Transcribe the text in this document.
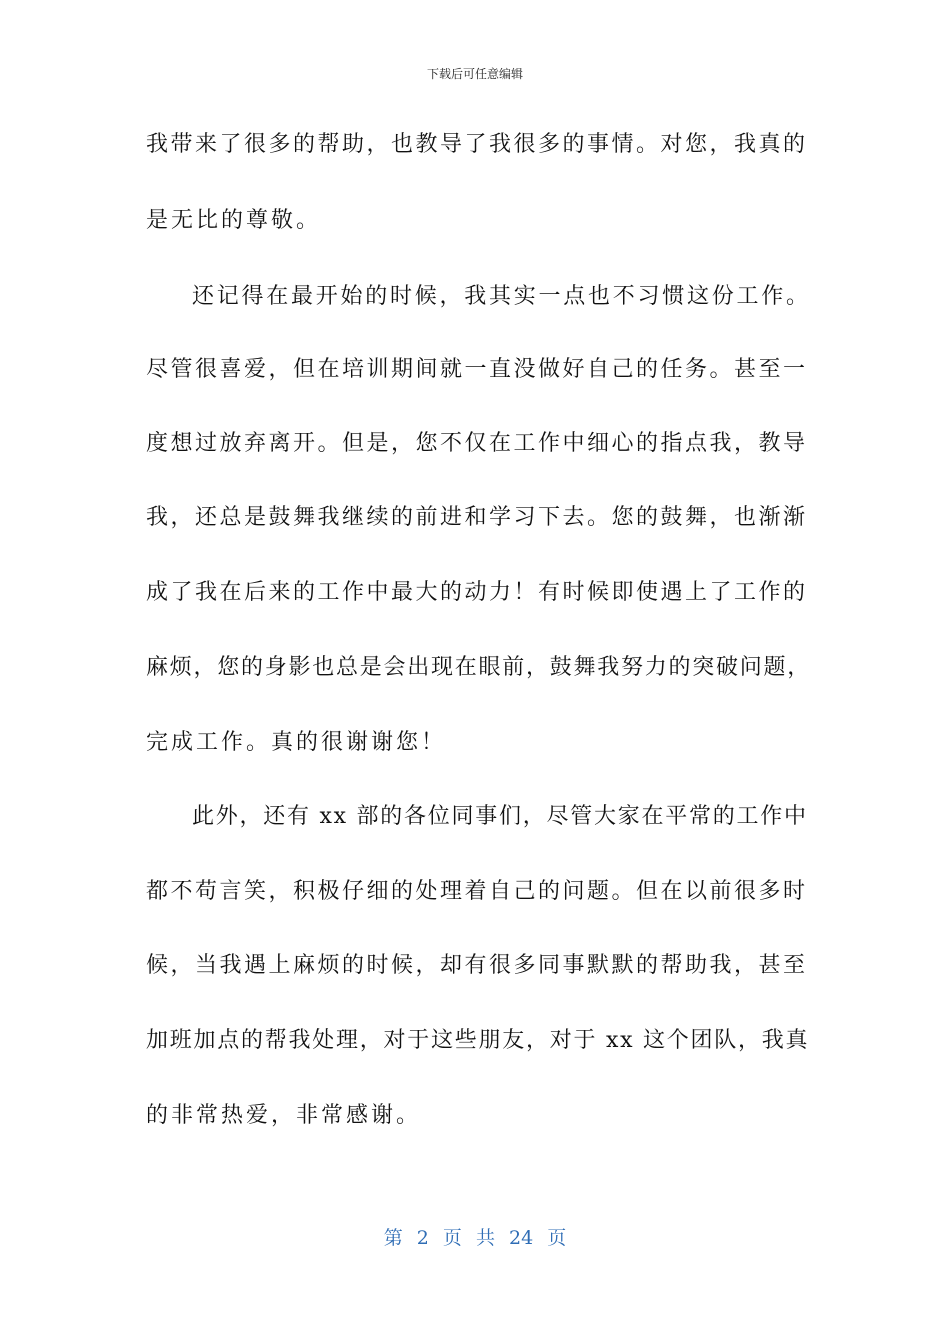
下载后可任意编辑
我带来了很多的帮助，也教导了我很多的事情。对您，我真的
是无比的尊敬。
还记得在最开始的时候，我其实一点也不习惯这份工作。
尽管很喜爱，但在培训期间就一直没做好自己的任务。甚至一
度想过放弃离开。但是，您不仅在工作中细心的指点我，教导
我，还总是鼓舞我继续的前进和学习下去。您的鼓舞，也渐渐
成了我在后来的工作中最大的动力！有时候即使遇上了工作的
麻烦，您的身影也总是会出现在眼前，鼓舞我努力的突破问题，
完成工作。真的很谢谢您！
此外，还有 xx 部的各位同事们，尽管大家在平常的工作中
都不苟言笑，积极仔细的处理着自己的问题。但在以前很多时
候，当我遇上麻烦的时候，却有很多同事默默的帮助我，甚至
加班加点的帮我处理，对于这些朋友，对于 xx 这个团队，我真
的非常热爱，非常感谢。
第 2 页 共 24 页
